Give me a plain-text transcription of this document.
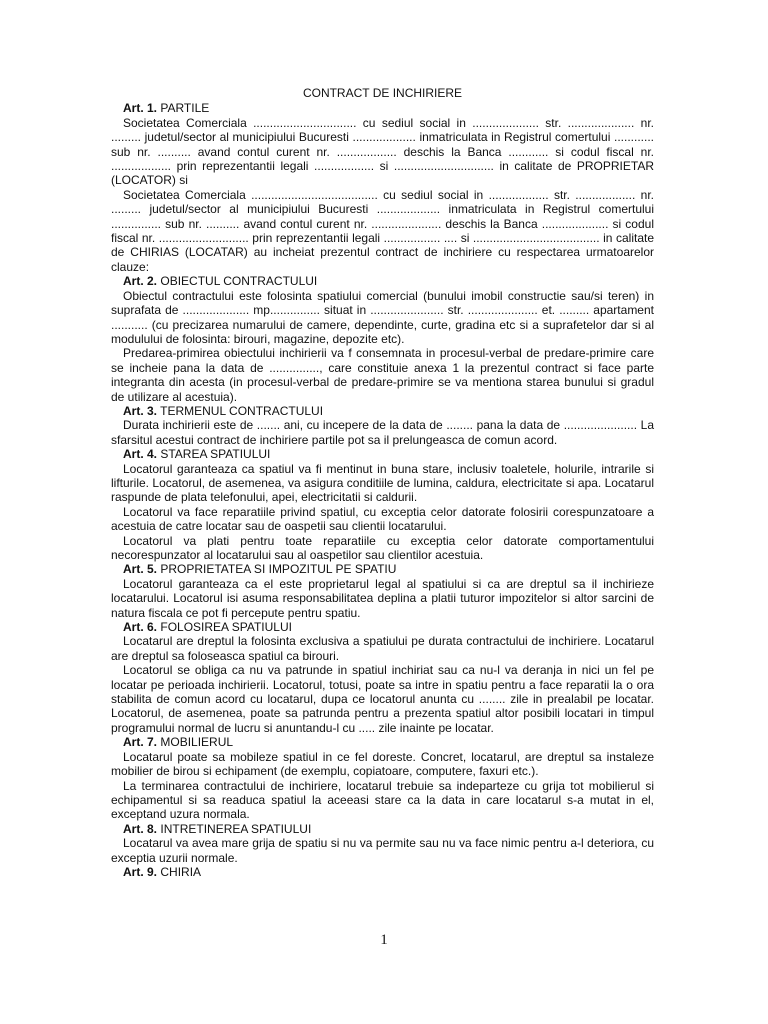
CONTRACT DE INCHIRIERE
Art. 1. PARTILE

Societatea Comerciala ............................... cu sediul social in .................... str. .................... nr. ......... judetul/sector al municipiului Bucuresti ................... inmatriculata in Registrul comertului ............ sub nr. .......... avand contul curent nr. .................. deschis la Banca ............ si codul fiscal nr. .................. prin reprezentantii legali .................. si .............................. in calitate de PROPRIETAR (LOCATOR) si

Societatea Comerciala ...................................... cu sediul social in .................. str. .................. nr. ......... judetul/sector al municipiului Bucuresti ................... inmatriculata in Registrul comertului ............... sub nr. .......... avand contul curent nr. ..................... deschis la Banca .................... si codul fiscal nr. ........................... prin reprezentantii legali ................. .... si ...................................... in calitate de CHIRIAS (LOCATAR) au incheiat prezentul contract de inchiriere cu respectarea urmatoarelor clauze:

Art. 2. OBIECTUL CONTRACTULUI

Obiectul contractului este folosinta spatiului comercial (bunului imobil constructie sau/si teren) in suprafata de .................... mp............... situat in ...................... str. ..................... et. ......... apartament ........... (cu precizarea numarului de camere, dependinte, curte, gradina etc si a suprafetelor dar si al modulului de folosinta: birouri, magazine, depozite etc).

Predarea-primirea obiectului inchirierii va f consemnata in procesul-verbal de predare-primire care se incheie pana la data de ..............., care constituie anexa 1 la prezentul contract si face parte integranta din acesta (in procesul-verbal de predare-primire se va mentiona starea bunului si gradul de utilizare al acestuia).

Art. 3. TERMENUL CONTRACTULUI

Durata inchirierii este de ....... ani, cu incepere de la data de ........ pana la data de ...................... La sfarsitul acestui contract de inchiriere partile pot sa il prelungeasca de comun acord.

Art. 4. STAREA SPATIULUI

Locatorul garanteaza ca spatiul va fi mentinut in buna stare, inclusiv toaletele, holurile, intrarile si lifturile. Locatorul, de asemenea, va asigura conditiile de lumina, caldura, electricitate si apa. Locatarul raspunde de plata telefonului, apei, electricitatii si caldurii.

Locatorul va face reparatiile privind spatiul, cu exceptia celor datorate folosirii corespunzatoare a acestuia de catre locatar sau de oaspetii sau clientii locatarului.

Locatorul va plati pentru toate reparatiile cu exceptia celor datorate comportamentului necorespunzator al locatarului sau al oaspetilor sau clientilor acestuia.

Art. 5. PROPRIETATEA SI IMPOZITUL PE SPATIU

Locatorul garanteaza ca el este proprietarul legal al spatiului si ca are dreptul sa il inchirieze locatarului. Locatorul isi asuma responsabilitatea deplina a platii tuturor impozitelor si altor sarcini de natura fiscala ce pot fi percepute pentru spatiu.

Art. 6. FOLOSIREA SPATIULUI

Locatarul are dreptul la folosinta exclusiva a spatiului pe durata contractului de inchiriere. Locatarul are dreptul sa foloseasca spatiul ca birouri.

Locatorul se obliga ca nu va patrunde in spatiul inchiriat sau ca nu-l va deranja in nici un fel pe locatar pe perioada inchirierii. Locatorul, totusi, poate sa intre in spatiu pentru a face reparatii la o ora stabilita de comun acord cu locatarul, dupa ce locatorul anunta cu ........ zile in prealabil pe locatar. Locatorul, de asemenea, poate sa patrunda pentru a prezenta spatiul altor posibili locatari in timpul programului normal de lucru si anuntandu-l cu ..... zile inainte pe locatar.

Art. 7. MOBILIERUL

Locatarul poate sa mobileze spatiul in ce fel doreste. Concret, locatarul, are dreptul sa instaleze mobilier de birou si echipament (de exemplu, copiatoare, computere, faxuri etc.).

La terminarea contractului de inchiriere, locatarul trebuie sa indeparteze cu grija tot mobilierul si echipamentul si sa readuca spatiul la aceeasi stare ca la data in care locatarul s-a mutat in el, exceptand uzura normala.

Art. 8. INTRETINEREA SPATIULUI

Locatarul va avea mare grija de spatiu si nu va permite sau nu va face nimic pentru a-l deteriora, cu exceptia uzurii normale.

Art. 9. CHIRIA
1
